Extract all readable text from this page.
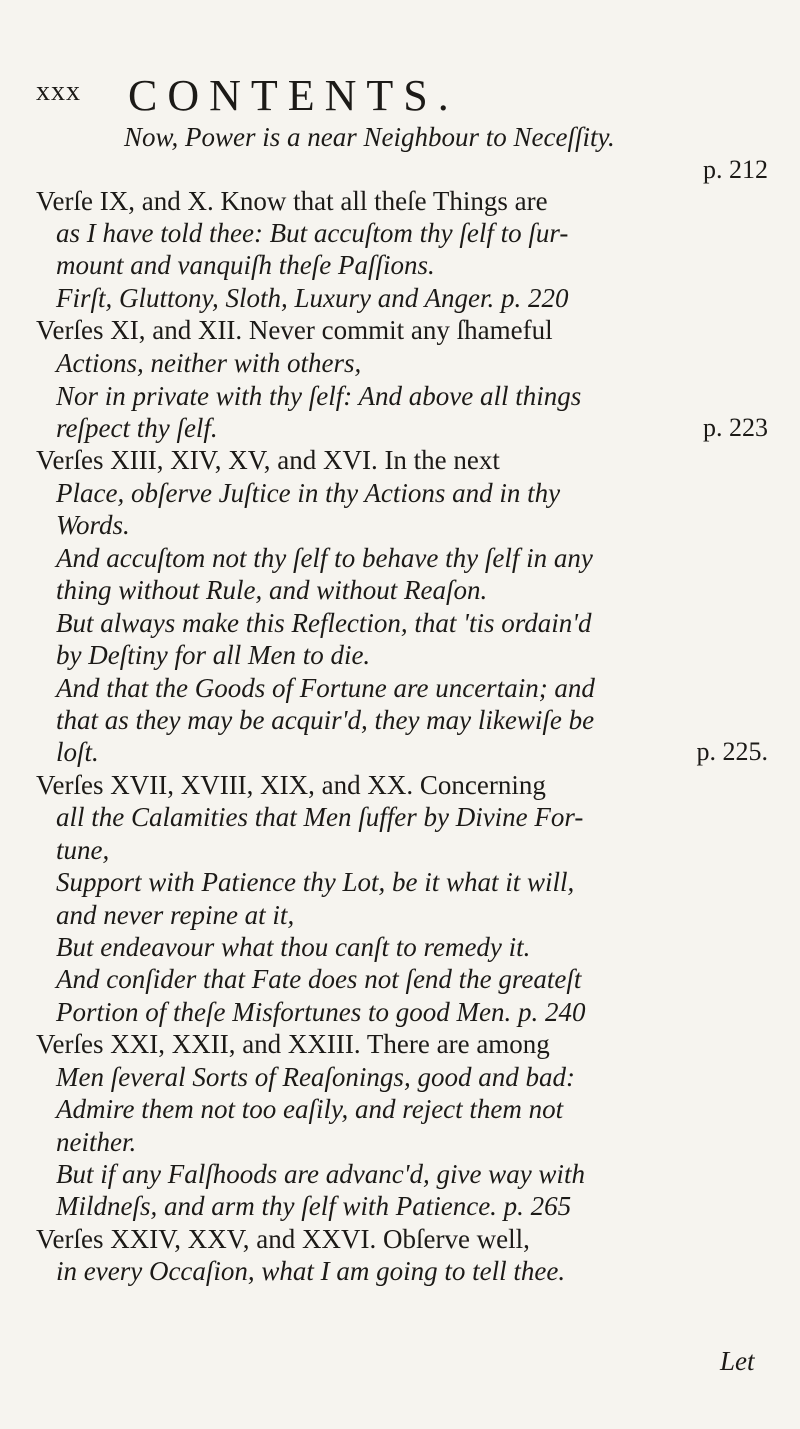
xxx CONTENTS.
Now, Power is a near Neighbour to Neceſſity.
p. 212
Verſe IX, and X. Know that all theſe Things are
as I have told thee: But accuſtom thy ſelf to ſur-
mount and vanquiſh theſe Paſſions.
Firſt, Gluttony, Sloth, Luxury and Anger. p. 220
Verſes XI, and XII. Never commit any ſhameful
Actions, neither with others,
Nor in private with thy ſelf: And above all things
reſpect thy ſelf.	p. 223
Verſes XIII, XIV, XV, and XVI. In the next
Place, obſerve Juſtice in thy Actions and in thy
Words.
And accuſtom not thy ſelf to behave thy ſelf in any
thing without Rule, and without Reaſon.
But always make this Reflection, that 'tis ordain'd
by Deſtiny for all Men to die.
And that the Goods of Fortune are uncertain; and
that as they may be acquir'd, they may likewiſe be
loſt.	p. 225.
Verſes XVII, XVIII, XIX, and XX. Concerning
all the Calamities that Men ſuffer by Divine For-
tune,
Support with Patience thy Lot, be it what it will,
and never repine at it,
But endeavour what thou canſt to remedy it.
And conſider that Fate does not ſend the greateſt
Portion of theſe Misfortunes to good Men. p. 240
Verſes XXI, XXII, and XXIII. There are among
Men ſeveral Sorts of Reaſonings, good and bad:
Admire them not too eaſily, and reject them not
neither.
But if any Falſhoods are advanc'd, give way with
Mildneſs, and arm thy ſelf with Patience. p. 265
Verſes XXIV, XXV, and XXVI. Obſerve well,
in every Occaſion, what I am going to tell thee.
Let
